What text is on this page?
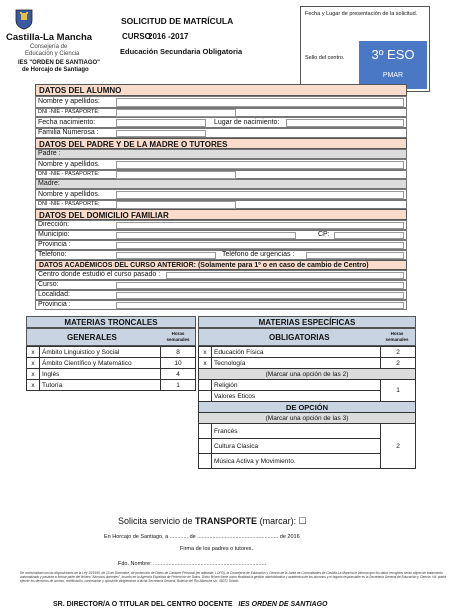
Castilla-La Mancha
Consejería de
Educación y Ciencia
IES "ORDEN DE SANTIAGO"
de Horcajo de Santiago
SOLICITUD DE MATRÍCULA
CURSO
2016 -2017
Educación Secundaria Obligatoria
Fecha y Lugar de presentación de la solicitud.
Sello del centro.	3º ESO
PMAR
DATOS DEL ALUMNO
Nombre y apellidos:
DNI -NIE - PASAPORTE:
Fecha nacimiento:	Lugar de nacimiento:
Familia Numerosa :
DATOS DEL PADRE Y DE LA MADRE O TUTORES
Padre :
Nombre y apellidos.
DNI -NIE - PASAPORTE:
Madre:
Nombre y apellidos.
DNI -NIE - PASAPORTE:
DATOS DEL DOMICILIO FAMILIAR
Dirección:
Municipio:	CP:
Provincia :
Telefono:	Teléfono de urgencias :
DATOS ACADÉMICOS DEL CURSO ANTERIOR: (Solamente para 1º o en caso de cambio de Centro)
Centro donde estudió el curso pasado :
Curso:
Localidad:
Provincia :
MATERIAS TRONCALES	MATERIAS ESPECÍFICAS
GENERALES	Horas semanales	OBLIGATORIAS	Horas semanales
x	Ámbito Linguistico y Social	8
x	Ámbito Científico y Matemático	10
x	Inglés	4
x	Tutoría	1
x	Educación Física	2
x	Tecnología	2
(Marcar una opción de las 2)		
	Religión	1
	Valores Eticos	
DE OPCIÓN		
(Marcar una opción de las 3)		
	Francés	2
	Cultura Clasica	
	Música Activa y Movimiento.	
Solicita servicio de TRANSPORTE (marcar): ☐
En Horcajo de Santiago, a ............ de ..................................................... de 2016
Firma de los padres o tutores.
Fdo. Nombre: ..........................................................................
De conformidad con las disposiciones de la Ley 15/1999, de 13 de Diciembre, de protección de Datos de Carácter Personal (en adelante, LOPD), la Consejería de Educación y Ciencia de la Junta de Comunidades de Castilla-La Mancha le informa que los datos recogidos serán objeto de tratamiento automatizado y pasarán a formar parte del fichero "Alumnos docentes", inscrito en la Agencia Española de Protección de Datos. Dicho fichero tiene como finalidad la gestión administrativa y académica de los alumnos y el órgano responsable es la Secretaría General de Educación y Ciencia. Vd. podrá ejercer los derechos de acceso, rectificación, cancelación y oposición dirigiéndose a dicha Secretaría General, Bulevar del Río Alberche s/n, 45071 Toledo.
SR. DIRECTOR/A O TITULAR DEL CENTRO DOCENTE IES ORDEN DE SANTIAGO
